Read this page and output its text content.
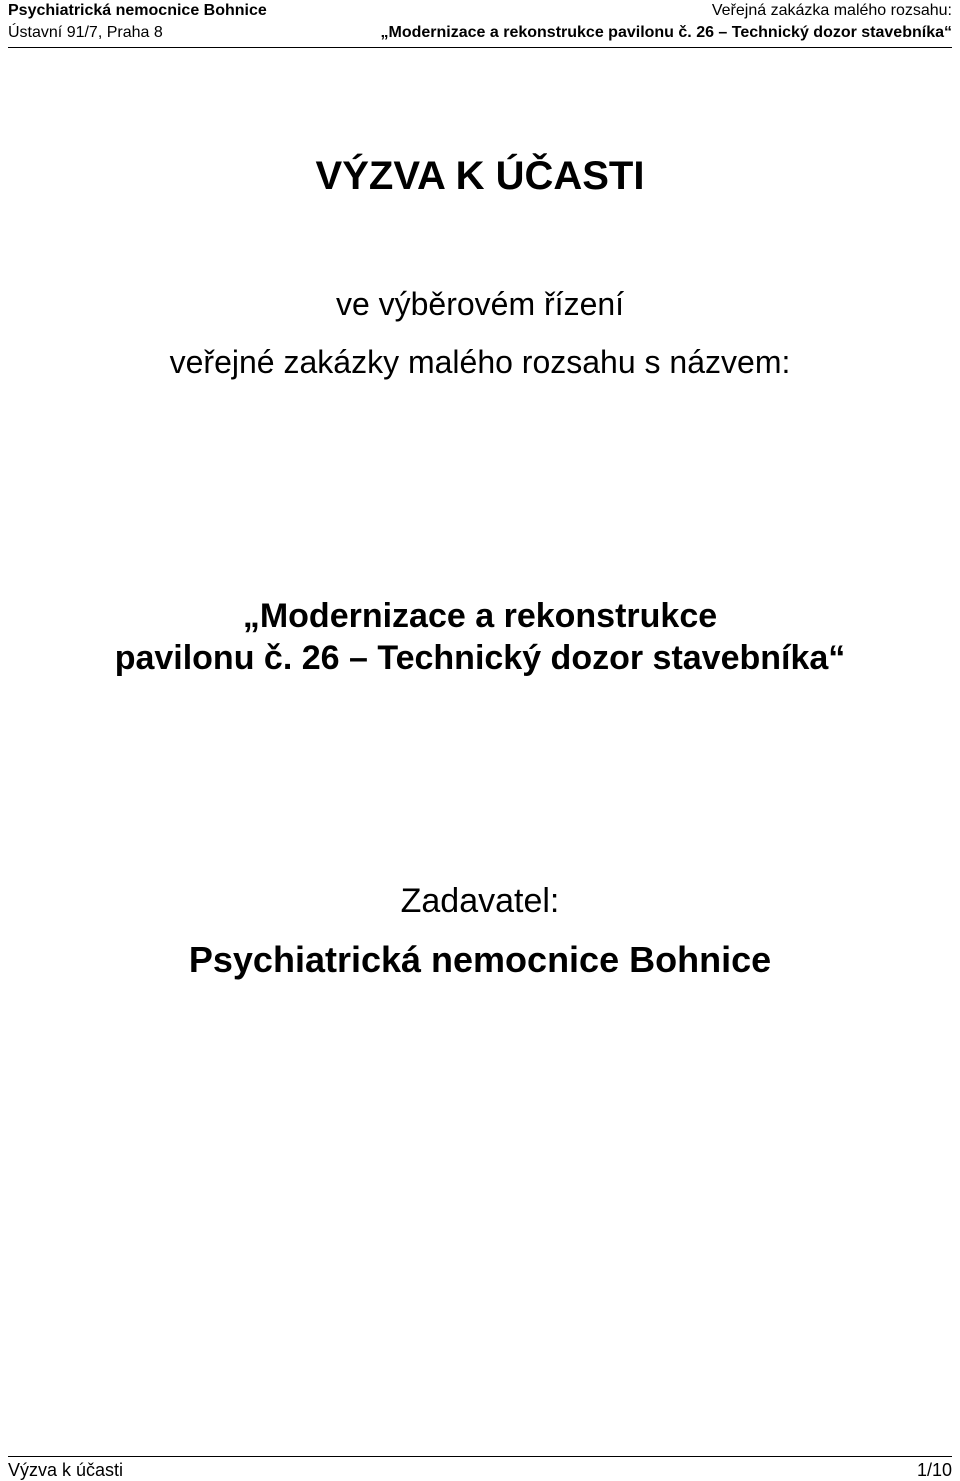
Psychiatrická nemocnice Bohnice
Ústavní 91/7, Praha 8
Veřejná zakázka malého rozsahu:
„Modernizace a rekonstrukce pavilonu č. 26 – Technický dozor stavebníka“
VÝZVA K ÚČASTI
ve výběrovém řízení
veřejné zakázky malého rozsahu s názvem:
„Modernizace a rekonstrukce
pavilonu č. 26 – Technický dozor stavebníka“
Zadavatel:
Psychiatrická nemocnice Bohnice
Výzva k účasti	1/10
